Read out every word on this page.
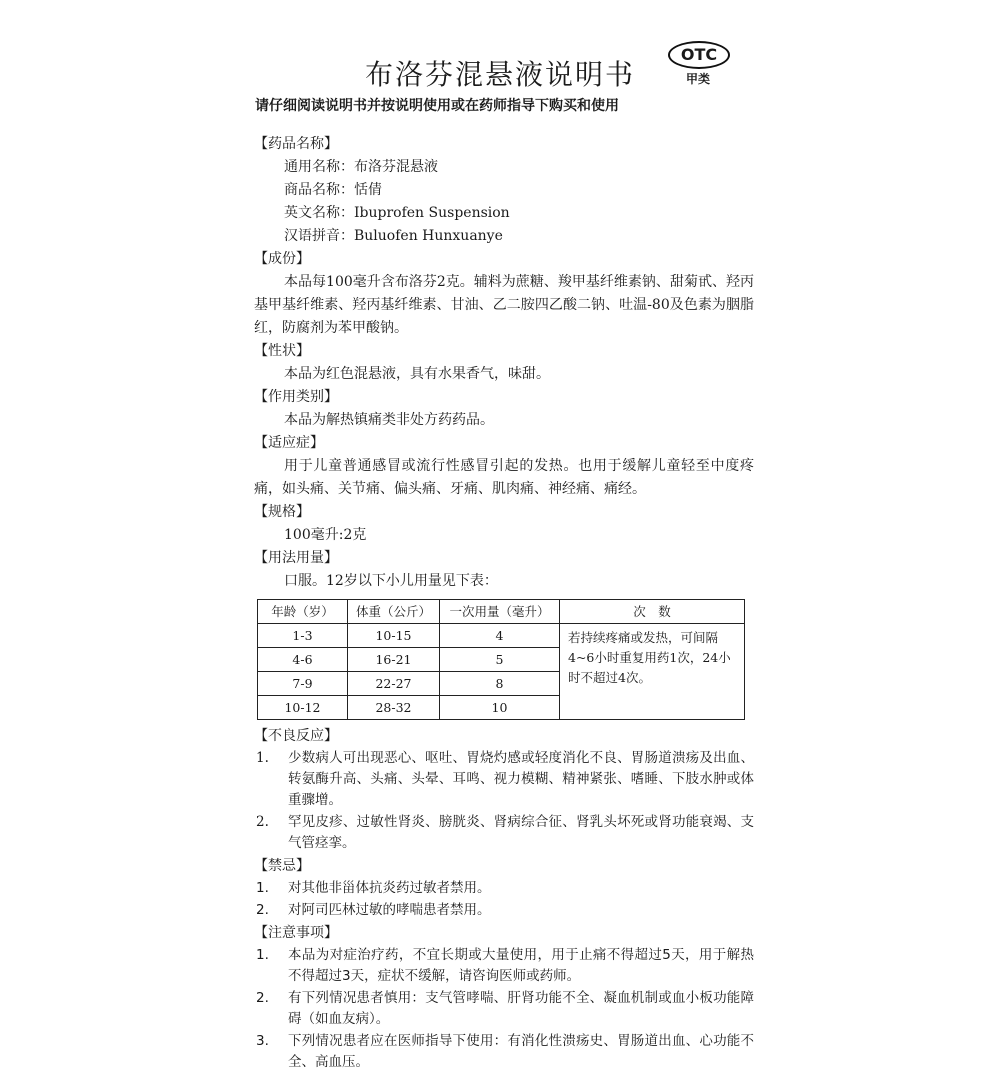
OTC
甲类
布洛芬混悬液说明书
请仔细阅读说明书并按说明使用或在药师指导下购买和使用
【药品名称】
通用名称：布洛芬混悬液
商品名称：恬倩
英文名称：Ibuprofen Suspension
汉语拼音：Buluofen Hunxuanye
【成份】

本品每100毫升含布洛芬2克。辅料为蔗糖、羧甲基纤维素钠、甜菊甙、羟丙基甲基纤维素、羟丙基纤维素、甘油、乙二胺四乙酸二钠、吐温-80及色素为胭脂红，防腐剂为苯甲酸钠。

【性状】

本品为红色混悬液，具有水果香气，味甜。

【作用类别】

本品为解热镇痛类非处方药药品。

【适应症】

用于儿童普通感冒或流行性感冒引起的发热。也用于缓解儿童轻至中度疼痛，如头痛、关节痛、偏头痛、牙痛、肌肉痛、神经痛、痛经。

【规格】
100毫升:2克
【用法用量】
口服。12岁以下小儿用量见下表：
年龄（岁）	体重（公斤）	一次用量（毫升）	次　数
1-3	10-15	4	若持续疼痛或发热，可间隔4~6小时重复用药1次，24小时不超过4次。
4-6	16-21	5	
7-9	22-27	8	
10-12	28-32	10	
【不良反应】
1.	少数病人可出现恶心、呕吐、胃烧灼感或轻度消化不良、胃肠道溃疡及出血、转氨酶升高、头痛、头晕、耳鸣、视力模糊、精神紧张、嗜睡、下肢水肿或体重骤增。
2.	罕见皮疹、过敏性肾炎、膀胱炎、肾病综合征、肾乳头坏死或肾功能衰竭、支气管痉挛。
【禁忌】
1.	对其他非甾体抗炎药过敏者禁用。
2.	对阿司匹林过敏的哮喘患者禁用。
【注意事项】
1.	本品为对症治疗药，不宜长期或大量使用，用于止痛不得超过5天，用于解热不得超过3天，症状不缓解，请咨询医师或药师。
2.	有下列情况患者慎用：支气管哮喘、肝肾功能不全、凝血机制或血小板功能障碍（如血友病）。
3.	下列情况患者应在医师指导下使用：有消化性溃疡史、胃肠道出血、心功能不全、高血压。
